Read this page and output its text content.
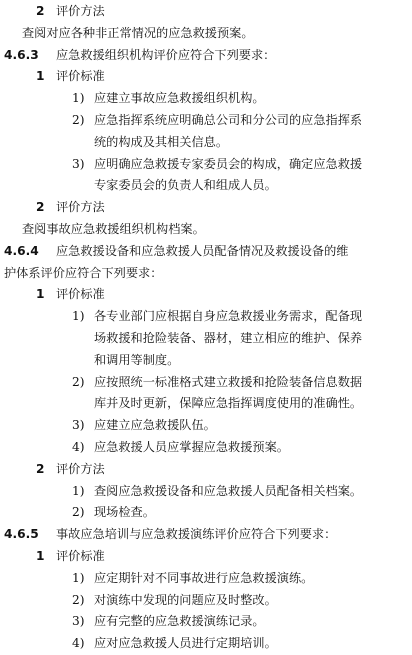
2 评价方法
查阅对应各种非正常情况的应急救援预案。
4.6.3 应急救援组织机构评价应符合下列要求：
1 评价标准
1) 应建立事故应急救援组织机构。
2) 应急指挥系统应明确总公司和分公司的应急指挥系
统的构成及其相关信息。
3) 应明确应急救援专家委员会的构成，确定应急救援
专家委员会的负责人和组成人员。
2 评价方法
查阅事故应急救援组织机构档案。
4.6.4 应急救援设备和应急救援人员配备情况及救援设备的维
护体系评价应符合下列要求：
1 评价标准
1) 各专业部门应根据自身应急救援业务需求，配备现
场救援和抢险装备、器材，建立相应的维护、保养
和调用等制度。
2) 应按照统一标准格式建立救援和抢险装备信息数据
库并及时更新，保障应急指挥调度使用的准确性。
3) 应建立应急救援队伍。
4) 应急救援人员应掌握应急救援预案。
2 评价方法
1) 查阅应急救援设备和应急救援人员配备相关档案。
2) 现场检查。
4.6.5 事故应急培训与应急救援演练评价应符合下列要求：
1 评价标准
1) 应定期针对不同事故进行应急救援演练。
2) 对演练中发现的问题应及时整改。
3) 应有完整的应急救援演练记录。
4) 应对应急救援人员进行定期培训。
